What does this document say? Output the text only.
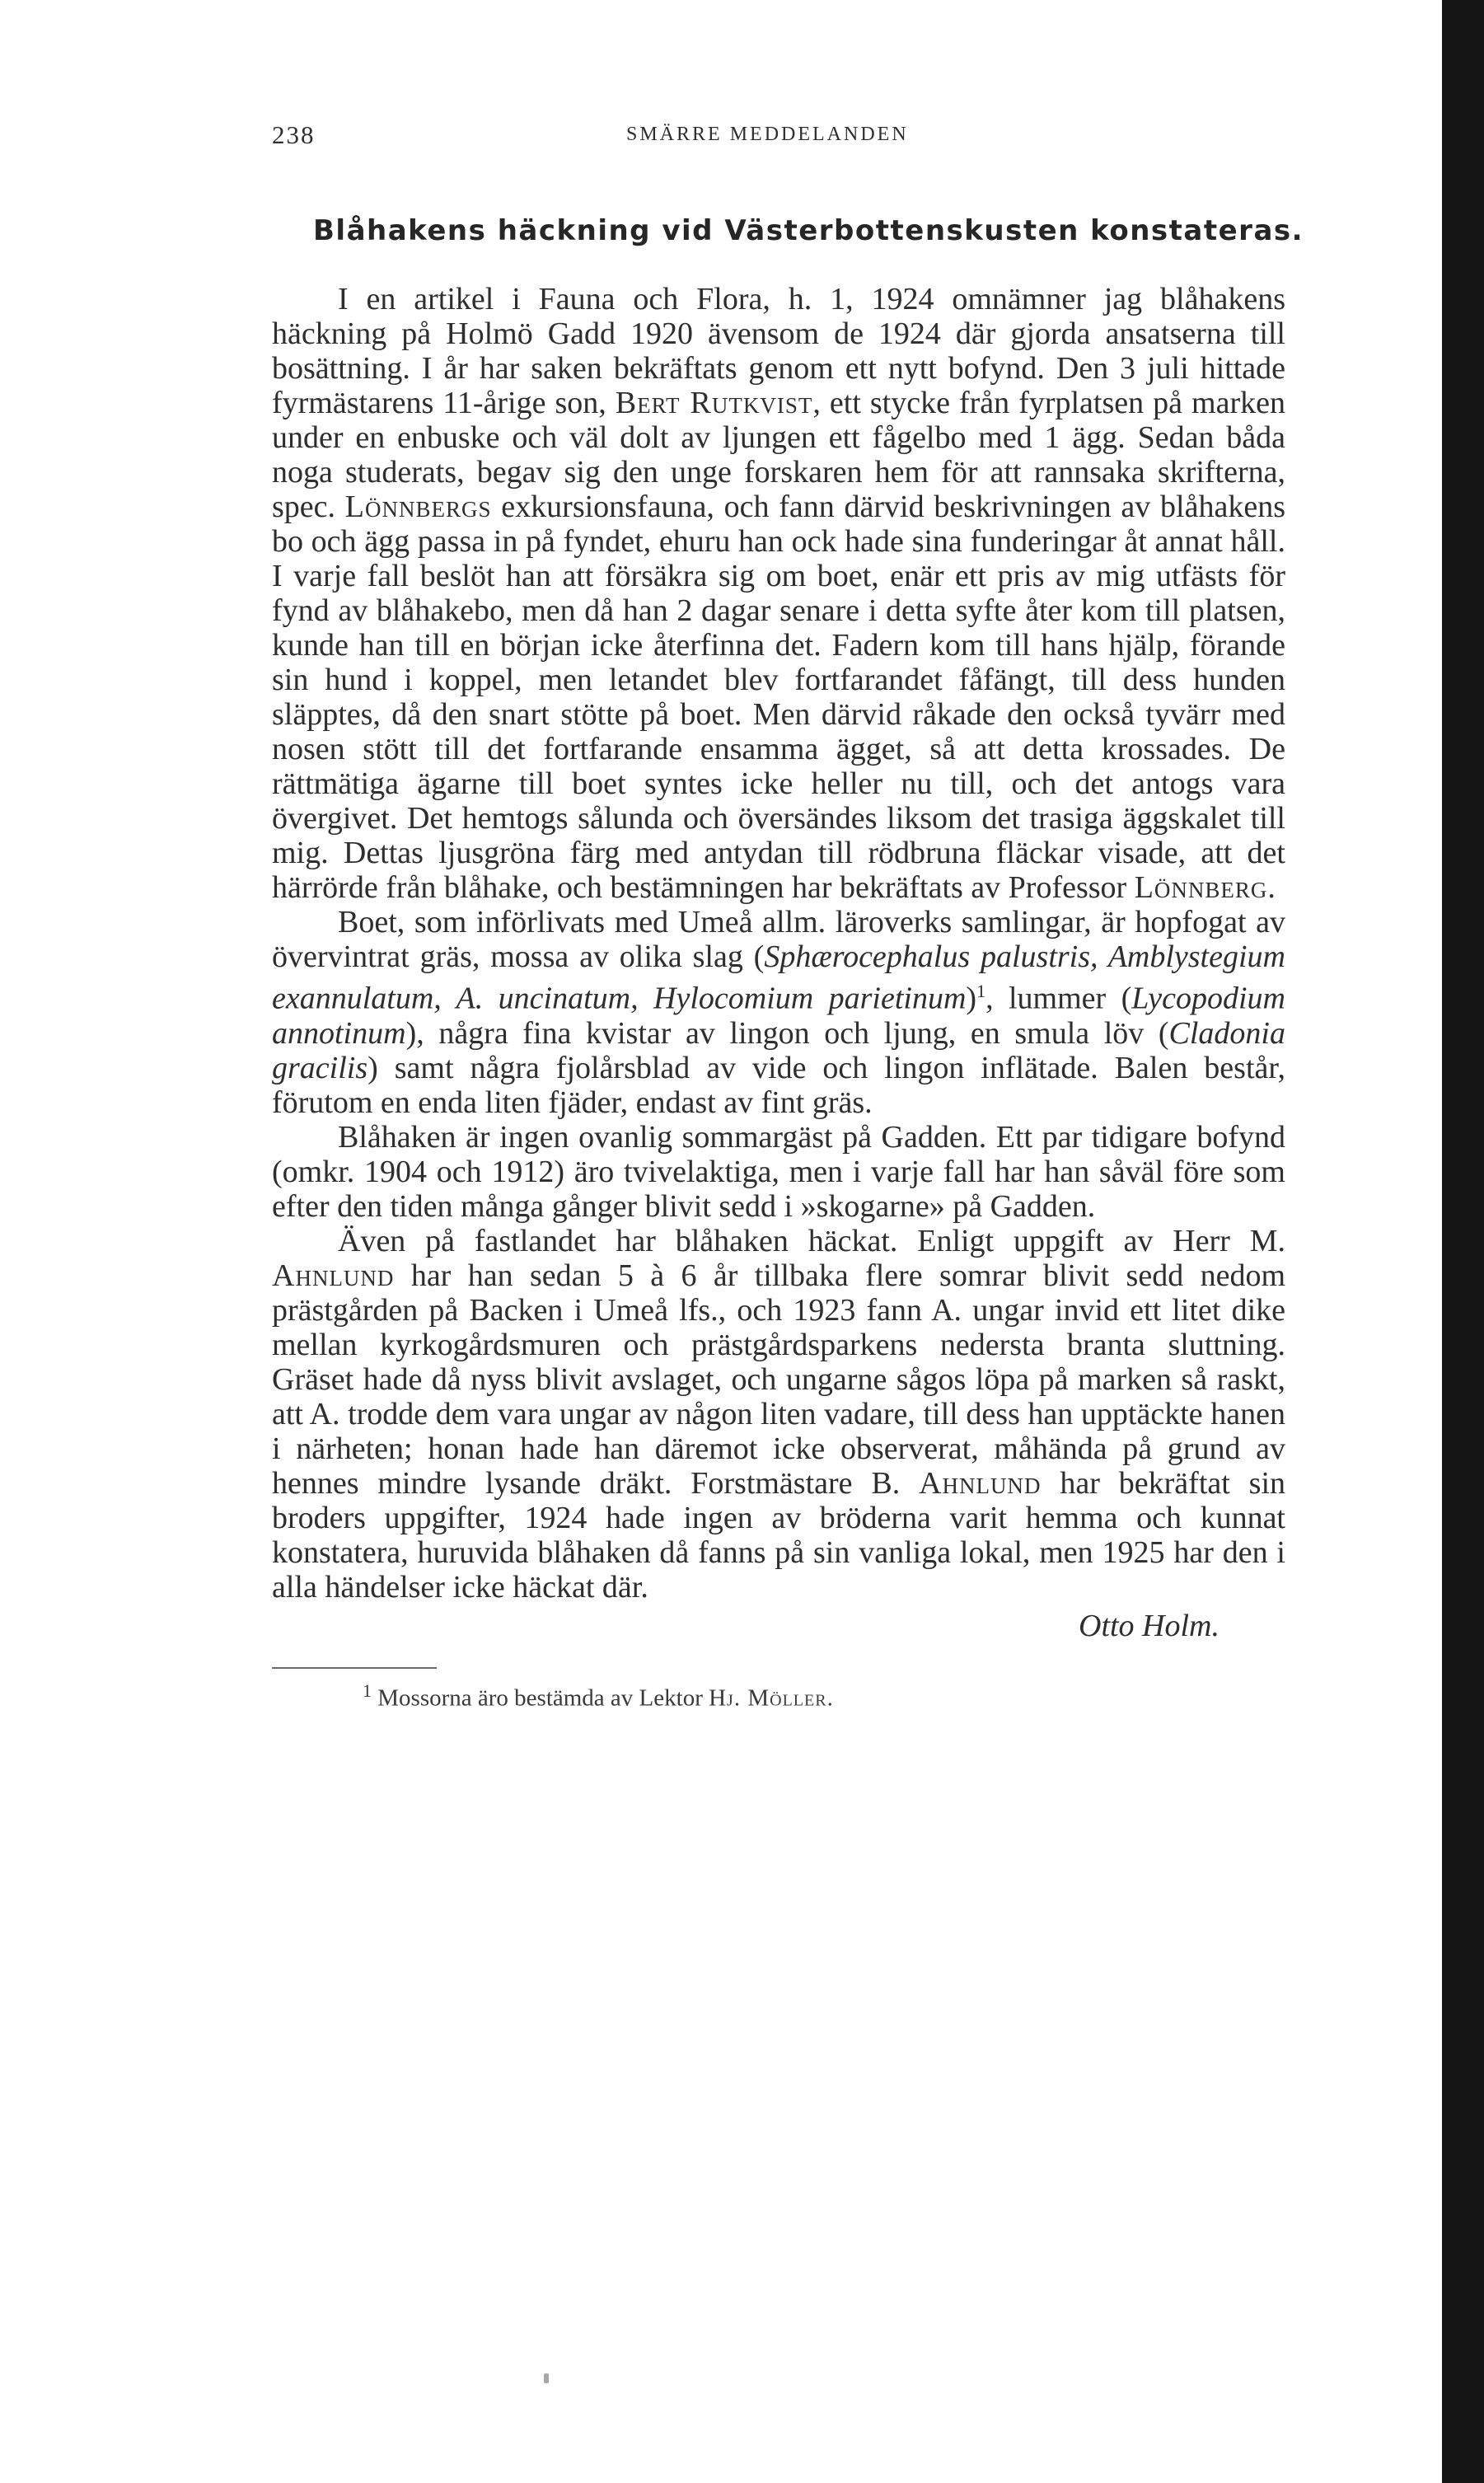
238	SMÄRRE MEDDELANDEN
Blåhakens häckning vid Västerbottenskusten konstateras.

I en artikel i Fauna och Flora, h. 1, 1924 omnämner jag blåhakens häckning på Holmö Gadd 1920 ävensom de 1924 där gjorda ansatserna till bosättning. I år har saken bekräftats genom ett nytt bofynd. Den 3 juli hittade fyrmästarens 11-årige son, Bert Rutkvist, ett stycke från fyrplatsen på marken under en enbuske och väl dolt av ljungen ett fågelbo med 1 ägg. Sedan båda noga studerats, begav sig den unge forskaren hem för att rannsaka skrifterna, spec. Lönnbergs exkursionsfauna, och fann därvid beskrivningen av blåhakens bo och ägg passa in på fyndet, ehuru han ock hade sina funderingar åt annat håll. I varje fall beslöt han att försäkra sig om boet, enär ett pris av mig utfästs för fynd av blåhakebo, men då han 2 dagar senare i detta syfte åter kom till platsen, kunde han till en början icke återfinna det. Fadern kom till hans hjälp, förande sin hund i koppel, men letandet blev fortfarandet fåfängt, till dess hunden släpptes, då den snart stötte på boet. Men därvid råkade den också tyvärr med nosen stött till det fortfarande ensamma ägget, så att detta krossades. De rättmätiga ägarne till boet syntes icke heller nu till, och det antogs vara övergivet. Det hemtogs sålunda och översändes liksom det trasiga äggskalet till mig. Dettas ljusgröna färg med antydan till rödbruna fläckar visade, att det härrörde från blåhake, och bestämningen har bekräftats av Professor Lönnberg.

Boet, som införlivats med Umeå allm. läroverks samlingar, är hopfogat av övervintrat gräs, mossa av olika slag (Sphærocephalus palustris, Amblystegium exannulatum, A. uncinatum, Hylocomium parietinum)$^1$, lummer (Lycopodium annotinum), några fina kvistar av lingon och ljung, en smula löv (Cladonia gracilis) samt några fjolårsblad av vide och lingon inflätade. Balen består, förutom en enda liten fjäder, endast av fint gräs.

Blåhaken är ingen ovanlig sommargäst på Gadden. Ett par tidigare bofynd (omkr. 1904 och 1912) äro tvivelaktiga, men i varje fall har han såväl före som efter den tiden många gånger blivit sedd i »skogarne» på Gadden.

Även på fastlandet har blåhaken häckat. Enligt uppgift av Herr M. Ahnlund har han sedan 5 à 6 år tillbaka flere somrar blivit sedd nedom prästgården på Backen i Umeå lfs., och 1923 fann A. ungar invid ett litet dike mellan kyrkogårdsmuren och prästgårdsparkens nedersta branta sluttning. Gräset hade då nyss blivit avslaget, och ungarne sågos löpa på marken så raskt, att A. trodde dem vara ungar av någon liten vadare, till dess han upptäckte hanen i närheten; honan hade han däremot icke observerat, måhända på grund av hennes mindre lysande dräkt. Forstmästare B. Ahnlund har bekräftat sin broders uppgifter, 1924 hade ingen av bröderna varit hemma och kunnat konstatera, huruvida blåhaken då fanns på sin vanliga lokal, men 1925 har den i alla händelser icke häckat där.

Otto Holm.
$^1$ Mossorna äro bestämda av Lektor Hj. Möller.
